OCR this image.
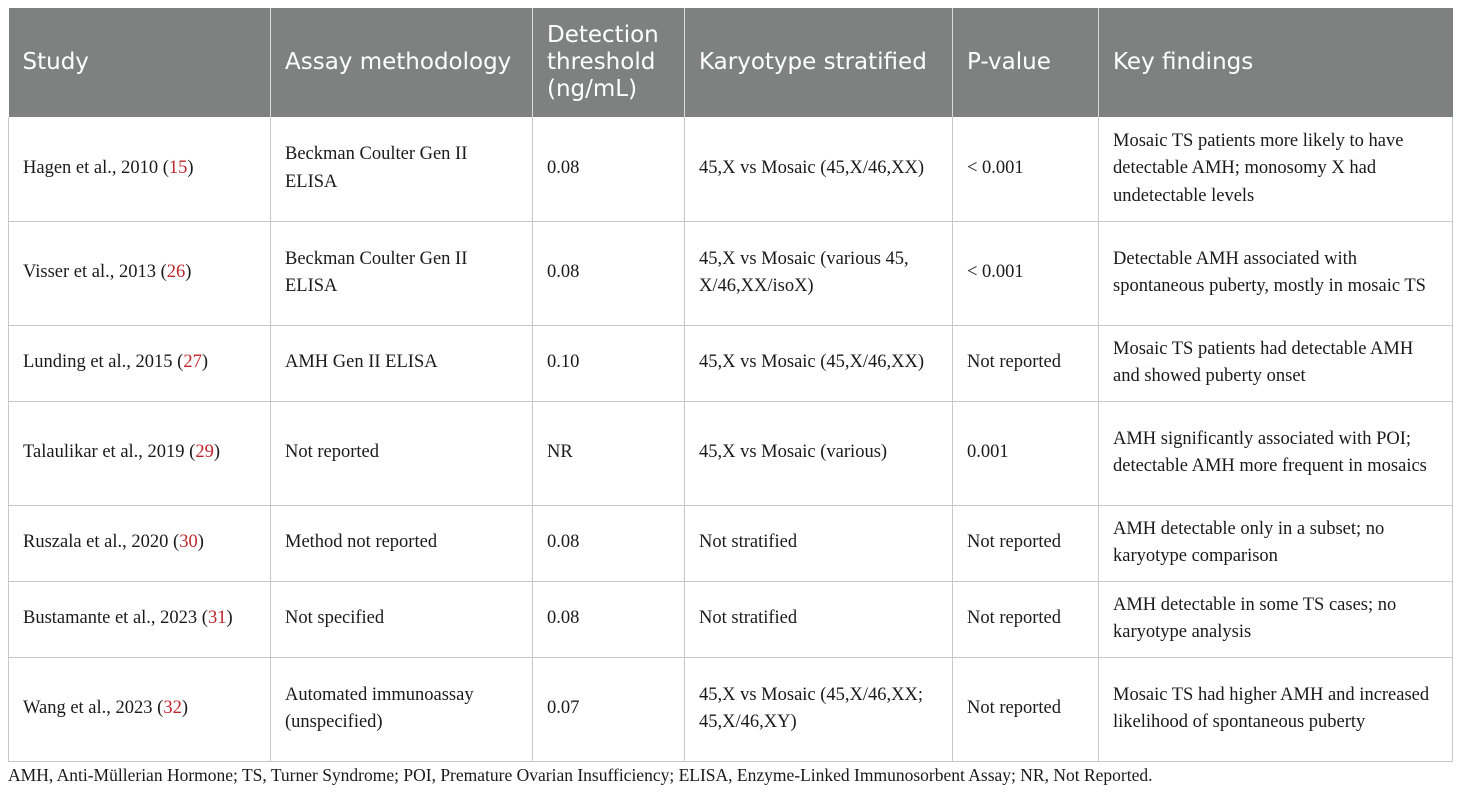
Study	Assay methodology	Detection threshold (ng/mL)	Karyotype stratified	P-value	Key findings
Hagen et al., 2010 (15)	Beckman Coulter Gen II ELISA	0.08	45,X vs Mosaic (45,X/46,XX)	< 0.001	Mosaic TS patients more likely to have detectable AMH; monosomy X had undetectable levels
Visser et al., 2013 (26)	Beckman Coulter Gen II ELISA	0.08	45,X vs Mosaic (various 45, X/46,XX/isoX)	< 0.001	Detectable AMH associated with spontaneous puberty, mostly in mosaic TS
Lunding et al., 2015 (27)	AMH Gen II ELISA	0.10	45,X vs Mosaic (45,X/46,XX)	Not reported	Mosaic TS patients had detectable AMH and showed puberty onset
Talaulikar et al., 2019 (29)	Not reported	NR	45,X vs Mosaic (various)	0.001	AMH significantly associated with POI; detectable AMH more frequent in mosaics
Ruszala et al., 2020 (30)	Method not reported	0.08	Not stratified	Not reported	AMH detectable only in a subset; no karyotype comparison
Bustamante et al., 2023 (31)	Not specified	0.08	Not stratified	Not reported	AMH detectable in some TS cases; no karyotype analysis
Wang et al., 2023 (32)	Automated immunoassay (unspecified)	0.07	45,X vs Mosaic (45,X/46,XX; 45,X/46,XY)	Not reported	Mosaic TS had higher AMH and increased likelihood of spontaneous puberty
AMH, Anti-Müllerian Hormone; TS, Turner Syndrome; POI, Premature Ovarian Insufficiency; ELISA, Enzyme-Linked Immunosorbent Assay; NR, Not Reported.
